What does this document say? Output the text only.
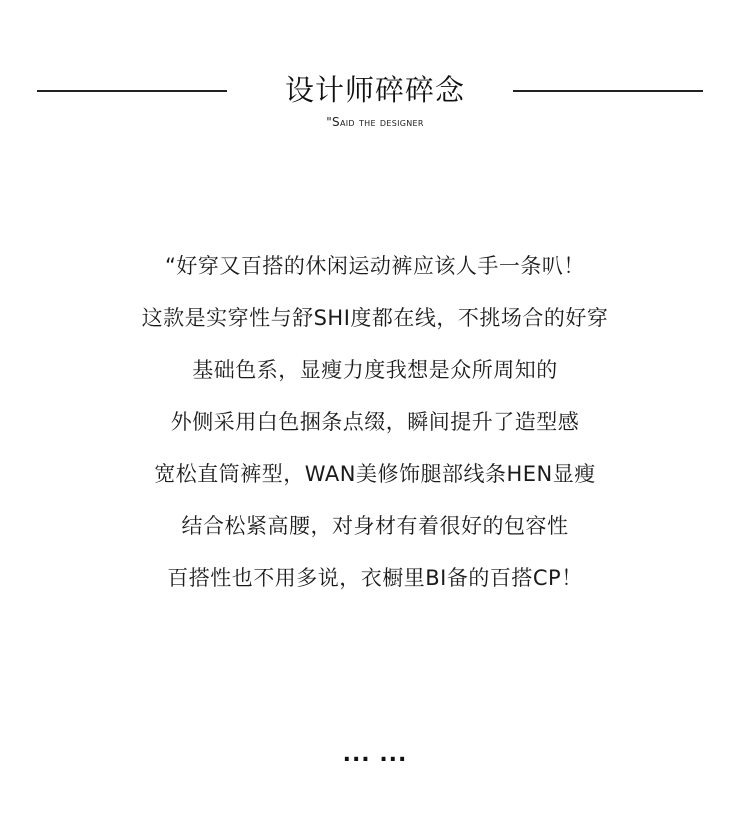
设计师碎碎念
"Said the designer
“好穿又百搭的休闲运动裤应该人手一条叭！
这款是实穿性与舒SHI度都在线，不挑场合的好穿
基础色系，显瘦力度我想是众所周知的
外侧采用白色捆条点缀，瞬间提升了造型感
宽松直筒裤型，WAN美修饰腿部线条HEN显瘦
结合松紧高腰，对身材有着很好的包容性
百搭性也不用多说，衣橱里BI备的百搭CP！
... ...
